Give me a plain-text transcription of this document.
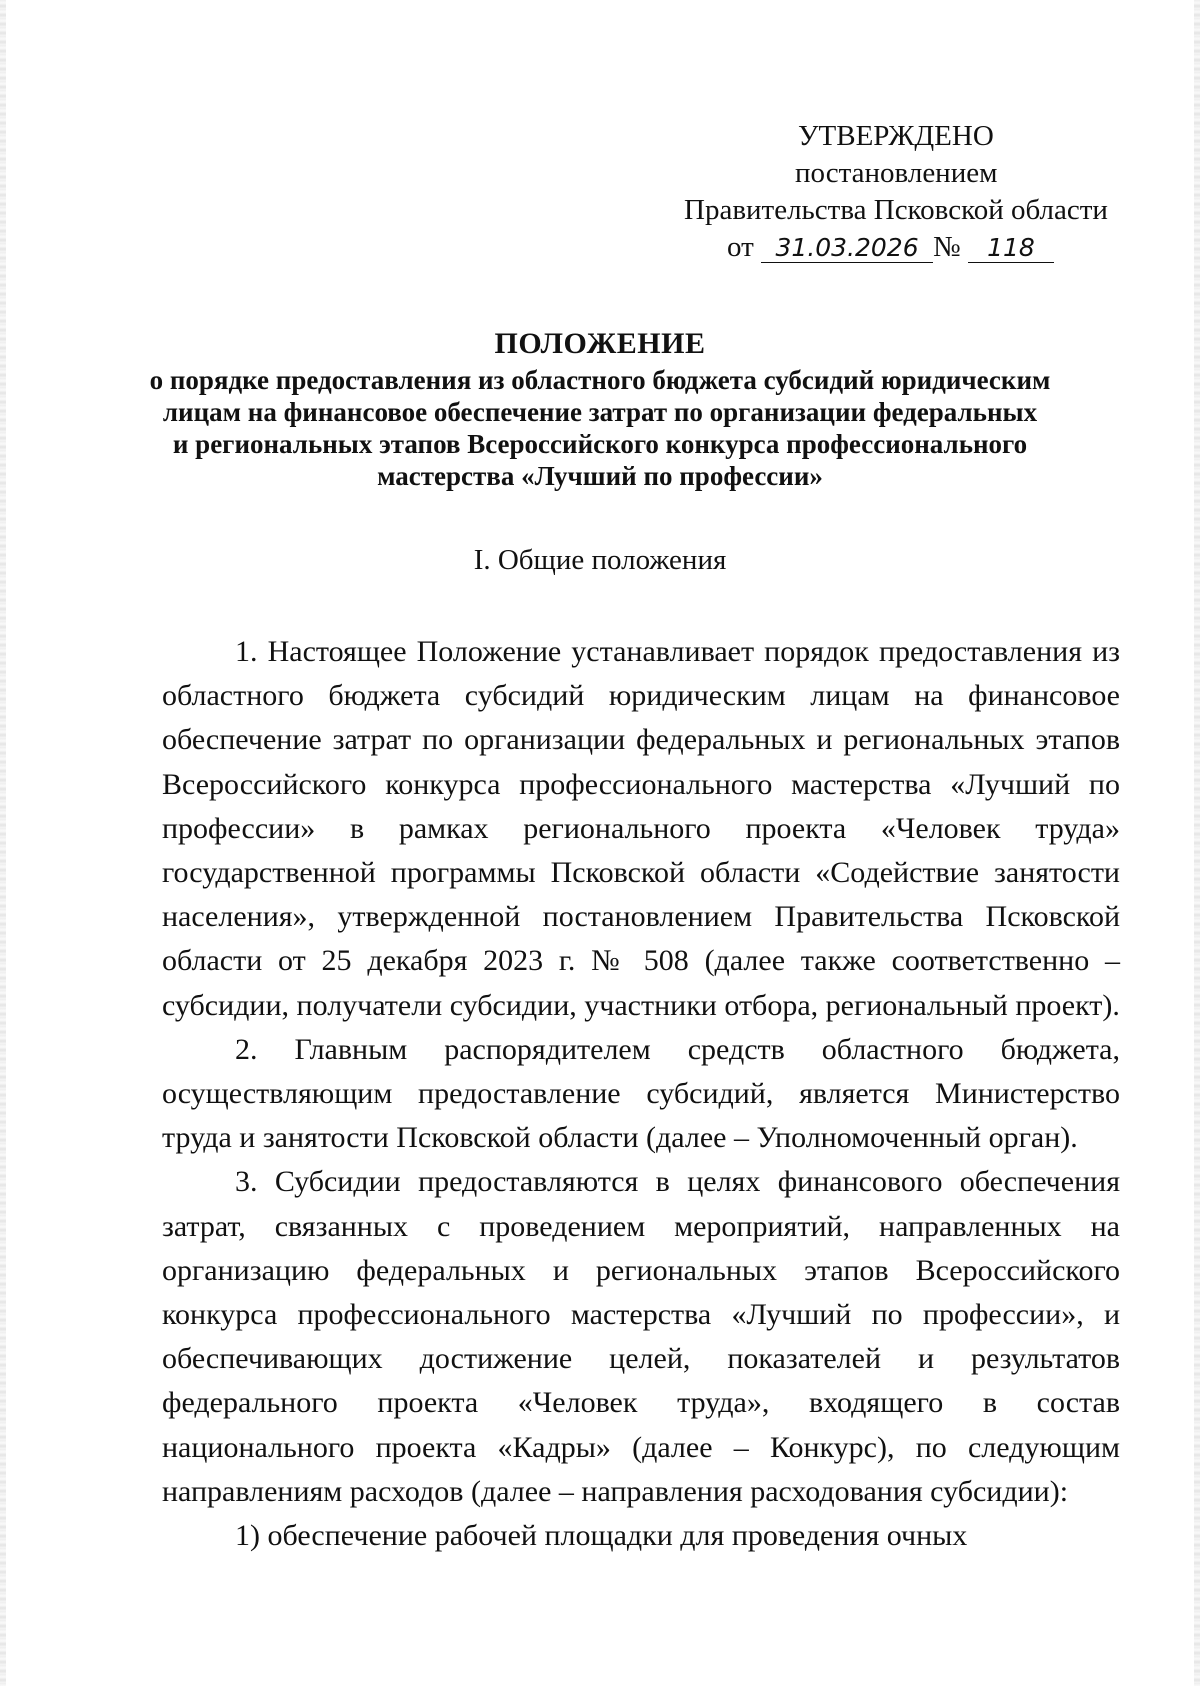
УТВЕРЖДЕНО
постановлением
Правительства Псковской области
от 31.03.2026 № 118
ПОЛОЖЕНИЕ
о порядке предоставления из областного бюджета субсидий юридическим
лицам на финансовое обеспечение затрат по организации федеральных
и региональных этапов Всероссийского конкурса профессионального
мастерства «Лучший по профессии»
I. Общие положения

1. Настоящее Положение устанавливает порядок предоставления из областного бюджета субсидий юридическим лицам на финансовое обеспечение затрат по организации федеральных и региональных этапов Всероссийского конкурса профессионального мастерства «Лучший по профессии» в рамках регионального проекта «Человек труда» государственной программы Псковской области «Содействие занятости населения», утвержденной постановлением Правительства Псковской области от 25 декабря 2023 г. № 508 (далее также соответственно – субсидии, получатели субсидии, участники отбора, региональный проект).

2. Главным распорядителем средств областного бюджета, осуществляющим предоставление субсидий, является Министерство труда и занятости Псковской области (далее – Уполномоченный орган).

3. Субсидии предоставляются в целях финансового обеспечения затрат, связанных с проведением мероприятий, направленных на организацию федеральных и региональных этапов Всероссийского конкурса профессионального мастерства «Лучший по профессии», и обеспечивающих достижение целей, показателей и результатов федерального проекта «Человек труда», входящего в состав национального проекта «Кадры» (далее – Конкурс), по следующим направлениям расходов (далее – направления расходования субсидии):

1) обеспечение рабочей площадки для проведения очных
